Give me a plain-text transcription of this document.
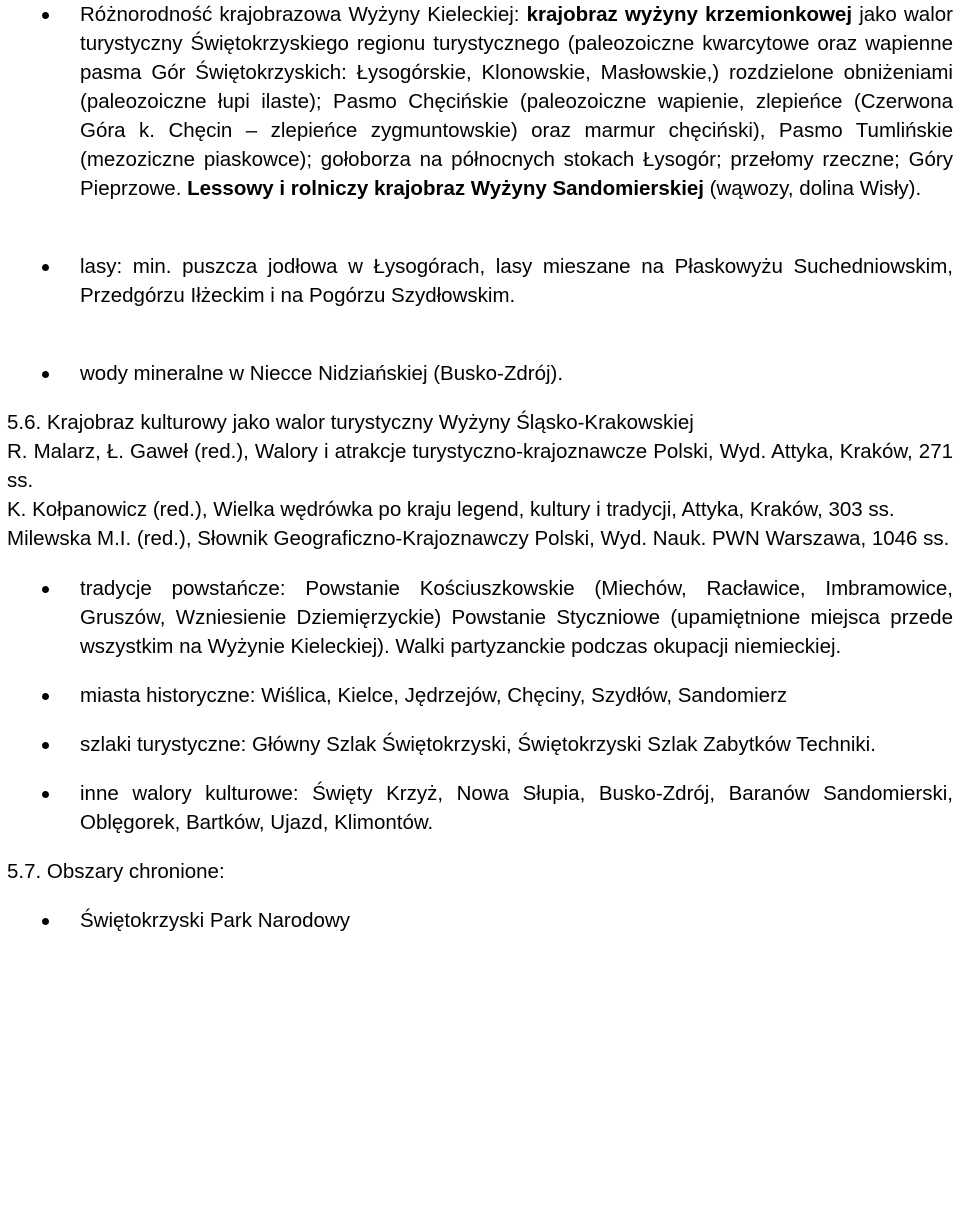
Różnorodność krajobrazowa Wyżyny Kieleckiej: krajobraz wyżyny krzemionkowej jako walor turystyczny Świętokrzyskiego regionu turystycznego (paleozoiczne kwarcytowe oraz wapienne pasma Gór Świętokrzyskich: Łysogórskie, Klonowskie, Masłowskie,) rozdzielone obniżeniami (paleozoiczne łupi ilaste); Pasmo Chęcińskie (paleozoiczne wapienie, zlepieńce (Czerwona Góra k. Chęcin – zlepieńce zygmuntowskie) oraz marmur chęciński), Pasmo Tumlińskie (mezoziczne piaskowce); gołoborza na północnych stokach Łysogór; przełomy rzeczne; Góry Pieprzowe. Lessowy i rolniczy krajobraz Wyżyny Sandomierskiej (wąwozy, dolina Wisły).
lasy: min. puszcza jodłowa w Łysogórach, lasy mieszane na Płaskowyżu Suchedniowskim, Przedgórzu Iłżeckim i na Pogórzu Szydłowskim.
wody mineralne w Niecce Nidziańskiej (Busko-Zdrój).
5.6. Krajobraz kulturowy jako walor turystyczny Wyżyny Śląsko-Krakowskiej
R. Malarz, Ł. Gaweł (red.), Walory i atrakcje turystyczno-krajoznawcze Polski, Wyd. Attyka, Kraków, 271 ss.
K. Kołpanowicz (red.), Wielka wędrówka po kraju legend, kultury i tradycji, Attyka, Kraków, 303 ss.
Milewska M.I. (red.), Słownik Geograficzno-Krajoznawczy Polski, Wyd. Nauk. PWN Warszawa, 1046 ss.
tradycje powstańcze: Powstanie Kościuszkowskie (Miechów, Racławice, Imbramowice, Gruszów, Wzniesienie Dziemięrzyckie) Powstanie Styczniowe (upamiętnione miejsca przede wszystkim na Wyżynie Kieleckiej). Walki partyzanckie podczas okupacji niemieckiej.
miasta historyczne: Wiślica, Kielce, Jędrzejów, Chęciny, Szydłów, Sandomierz
szlaki turystyczne: Główny Szlak Świętokrzyski, Świętokrzyski Szlak Zabytków Techniki.
inne walory kulturowe: Święty Krzyż, Nowa Słupia, Busko-Zdrój, Baranów Sandomierski, Oblęgorek, Bartków, Ujazd, Klimontów.
5.7. Obszary chronione:
Świętokrzyski Park Narodowy
